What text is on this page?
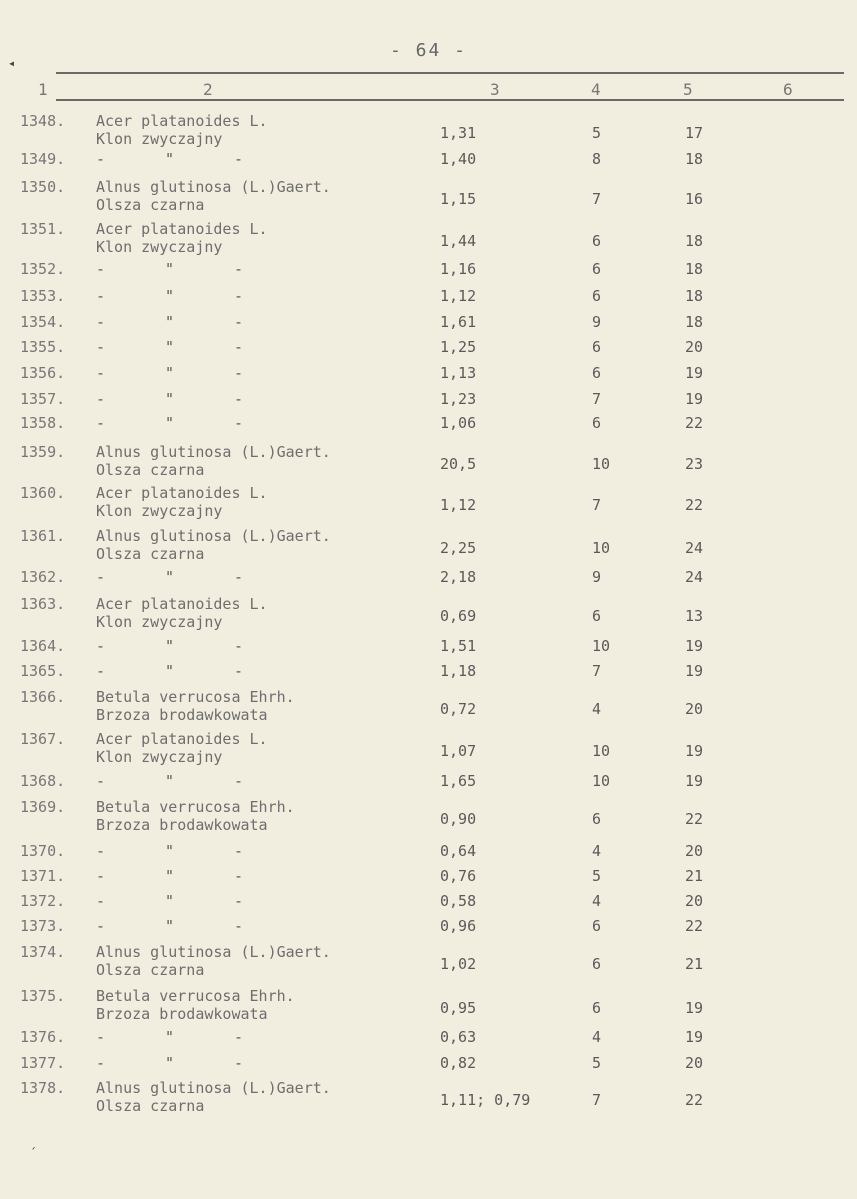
- 64 -
1	2	3	4	5	6
1348. Acer platanoides L.
Klon zwyczajny	1,31	5	17
1349. -	"	-	1,40	8	18
1350. Alnus glutinosa (L.)Gaert.
Olsza czarna	1,15	7	16
1351. Acer platanoides L.
Klon zwyczajny	1,44	6	18
1352. -	"	-	1,16	6	18
1353. -	"	-	1,12	6	18
1354. -	"	-	1,61	9	18
1355. -	"	-	1,25	6	20
1356. -	"	-	1,13	6	19
1357. -	"	-	1,23	7	19
1358. -	"	-	1,06	6	22
1359. Alnus glutinosa (L.)Gaert.
Olsza czarna	20,5	10	23
1360. Acer platanoides L.
Klon zwyczajny	1,12	7	22
1361. Alnus glutinosa (L.)Gaert.
Olsza czarna	2,25	10	24
1362. -	"	-	2,18	9	24
1363. Acer platanoides L.
Klon zwyczajny	0,69	6	13
1364. -	"	-	1,51	10	19
1365. -	"	-	1,18	7	19
1366. Betula verrucosa Ehrh.
Brzoza brodawkowata	0,72	4	20
1367. Acer platanoides L.
Klon zwyczajny	1,07	10	19
1368. -	"	-	1,65	10	19
1369. Betula verrucosa Ehrh.
Brzoza brodawkowata	0,90	6	22
1370. -	"	-	0,64	4	20
1371. -	"	-	0,76	5	21
1372. -	"	-	0,58	4	20
1373. -	"	-	0,96	6	22
1374. Alnus glutinosa (L.)Gaert.
Olsza czarna	1,02	6	21
1375. Betula verrucosa Ehrh.
Brzoza brodawkowata	0,95	6	19
1376. -	"	-	0,63	4	19
1377. -	"	-	0,82	5	20
1378. Alnus glutinosa (L.)Gaert.
Olsza czarna	1,11; 0,79	7	22
◂
ˏ
